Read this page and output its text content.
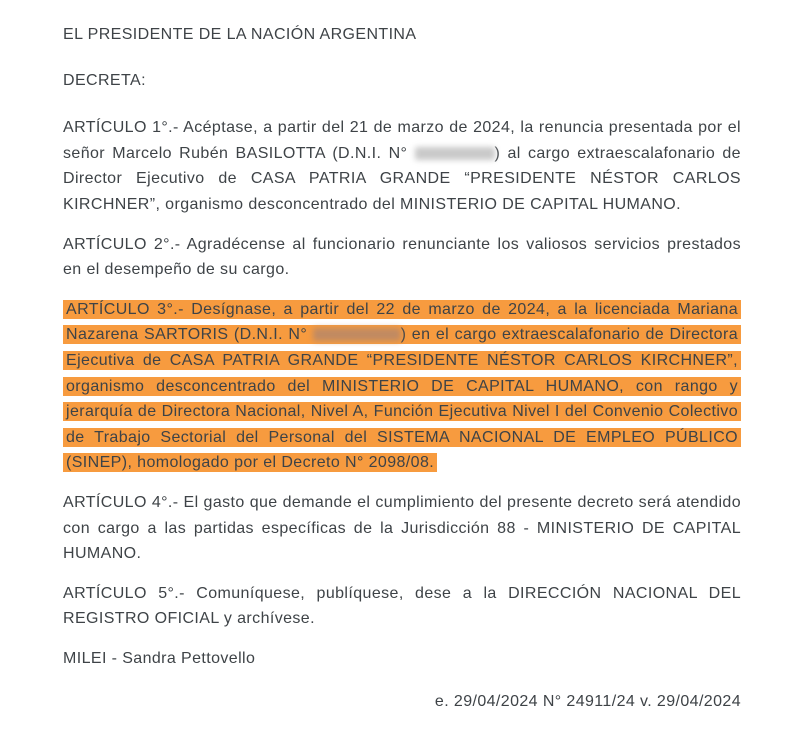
EL PRESIDENTE DE LA NACIÓN ARGENTINA

DECRETA:

ARTÍCULO 1°.- Acéptase, a partir del 21 de marzo de 2024, la renuncia presentada por el señor Marcelo Rubén BASILOTTA (D.N.I. N°	) al cargo extraescalafonario de Director Ejecutivo de CASA PATRIA GRANDE “PRESIDENTE NÉSTOR CARLOS KIRCHNER”, organismo desconcentrado del MINISTERIO DE CAPITAL HUMANO.

ARTÍCULO 2°.- Agradécense al funcionario renunciante los valiosos servicios prestados en el desempeño de su cargo.

ARTÍCULO 3°.- Desígnase, a partir del 22 de marzo de 2024, a la licenciada Mariana Nazarena SARTORIS (D.N.I. N°	) en el cargo extraescalafonario de Directora Ejecutiva de CASA PATRIA GRANDE “PRESIDENTE NÉSTOR CARLOS KIRCHNER”, organismo desconcentrado del MINISTERIO DE CAPITAL HUMANO, con rango y jerarquía de Directora Nacional, Nivel A, Función Ejecutiva Nivel I del Convenio Colectivo de Trabajo Sectorial del Personal del SISTEMA NACIONAL DE EMPLEO PÚBLICO (SINEP), homologado por el Decreto N° 2098/08.

ARTÍCULO 4°.- El gasto que demande el cumplimiento del presente decreto será atendido con cargo a las partidas específicas de la Jurisdicción 88 - MINISTERIO DE CAPITAL HUMANO.

ARTÍCULO 5°.- Comuníquese, publíquese, dese a la DIRECCIÓN NACIONAL DEL REGISTRO OFICIAL y archívese.

MILEI - Sandra Pettovello

e. 29/04/2024 N° 24911/24 v. 29/04/2024
